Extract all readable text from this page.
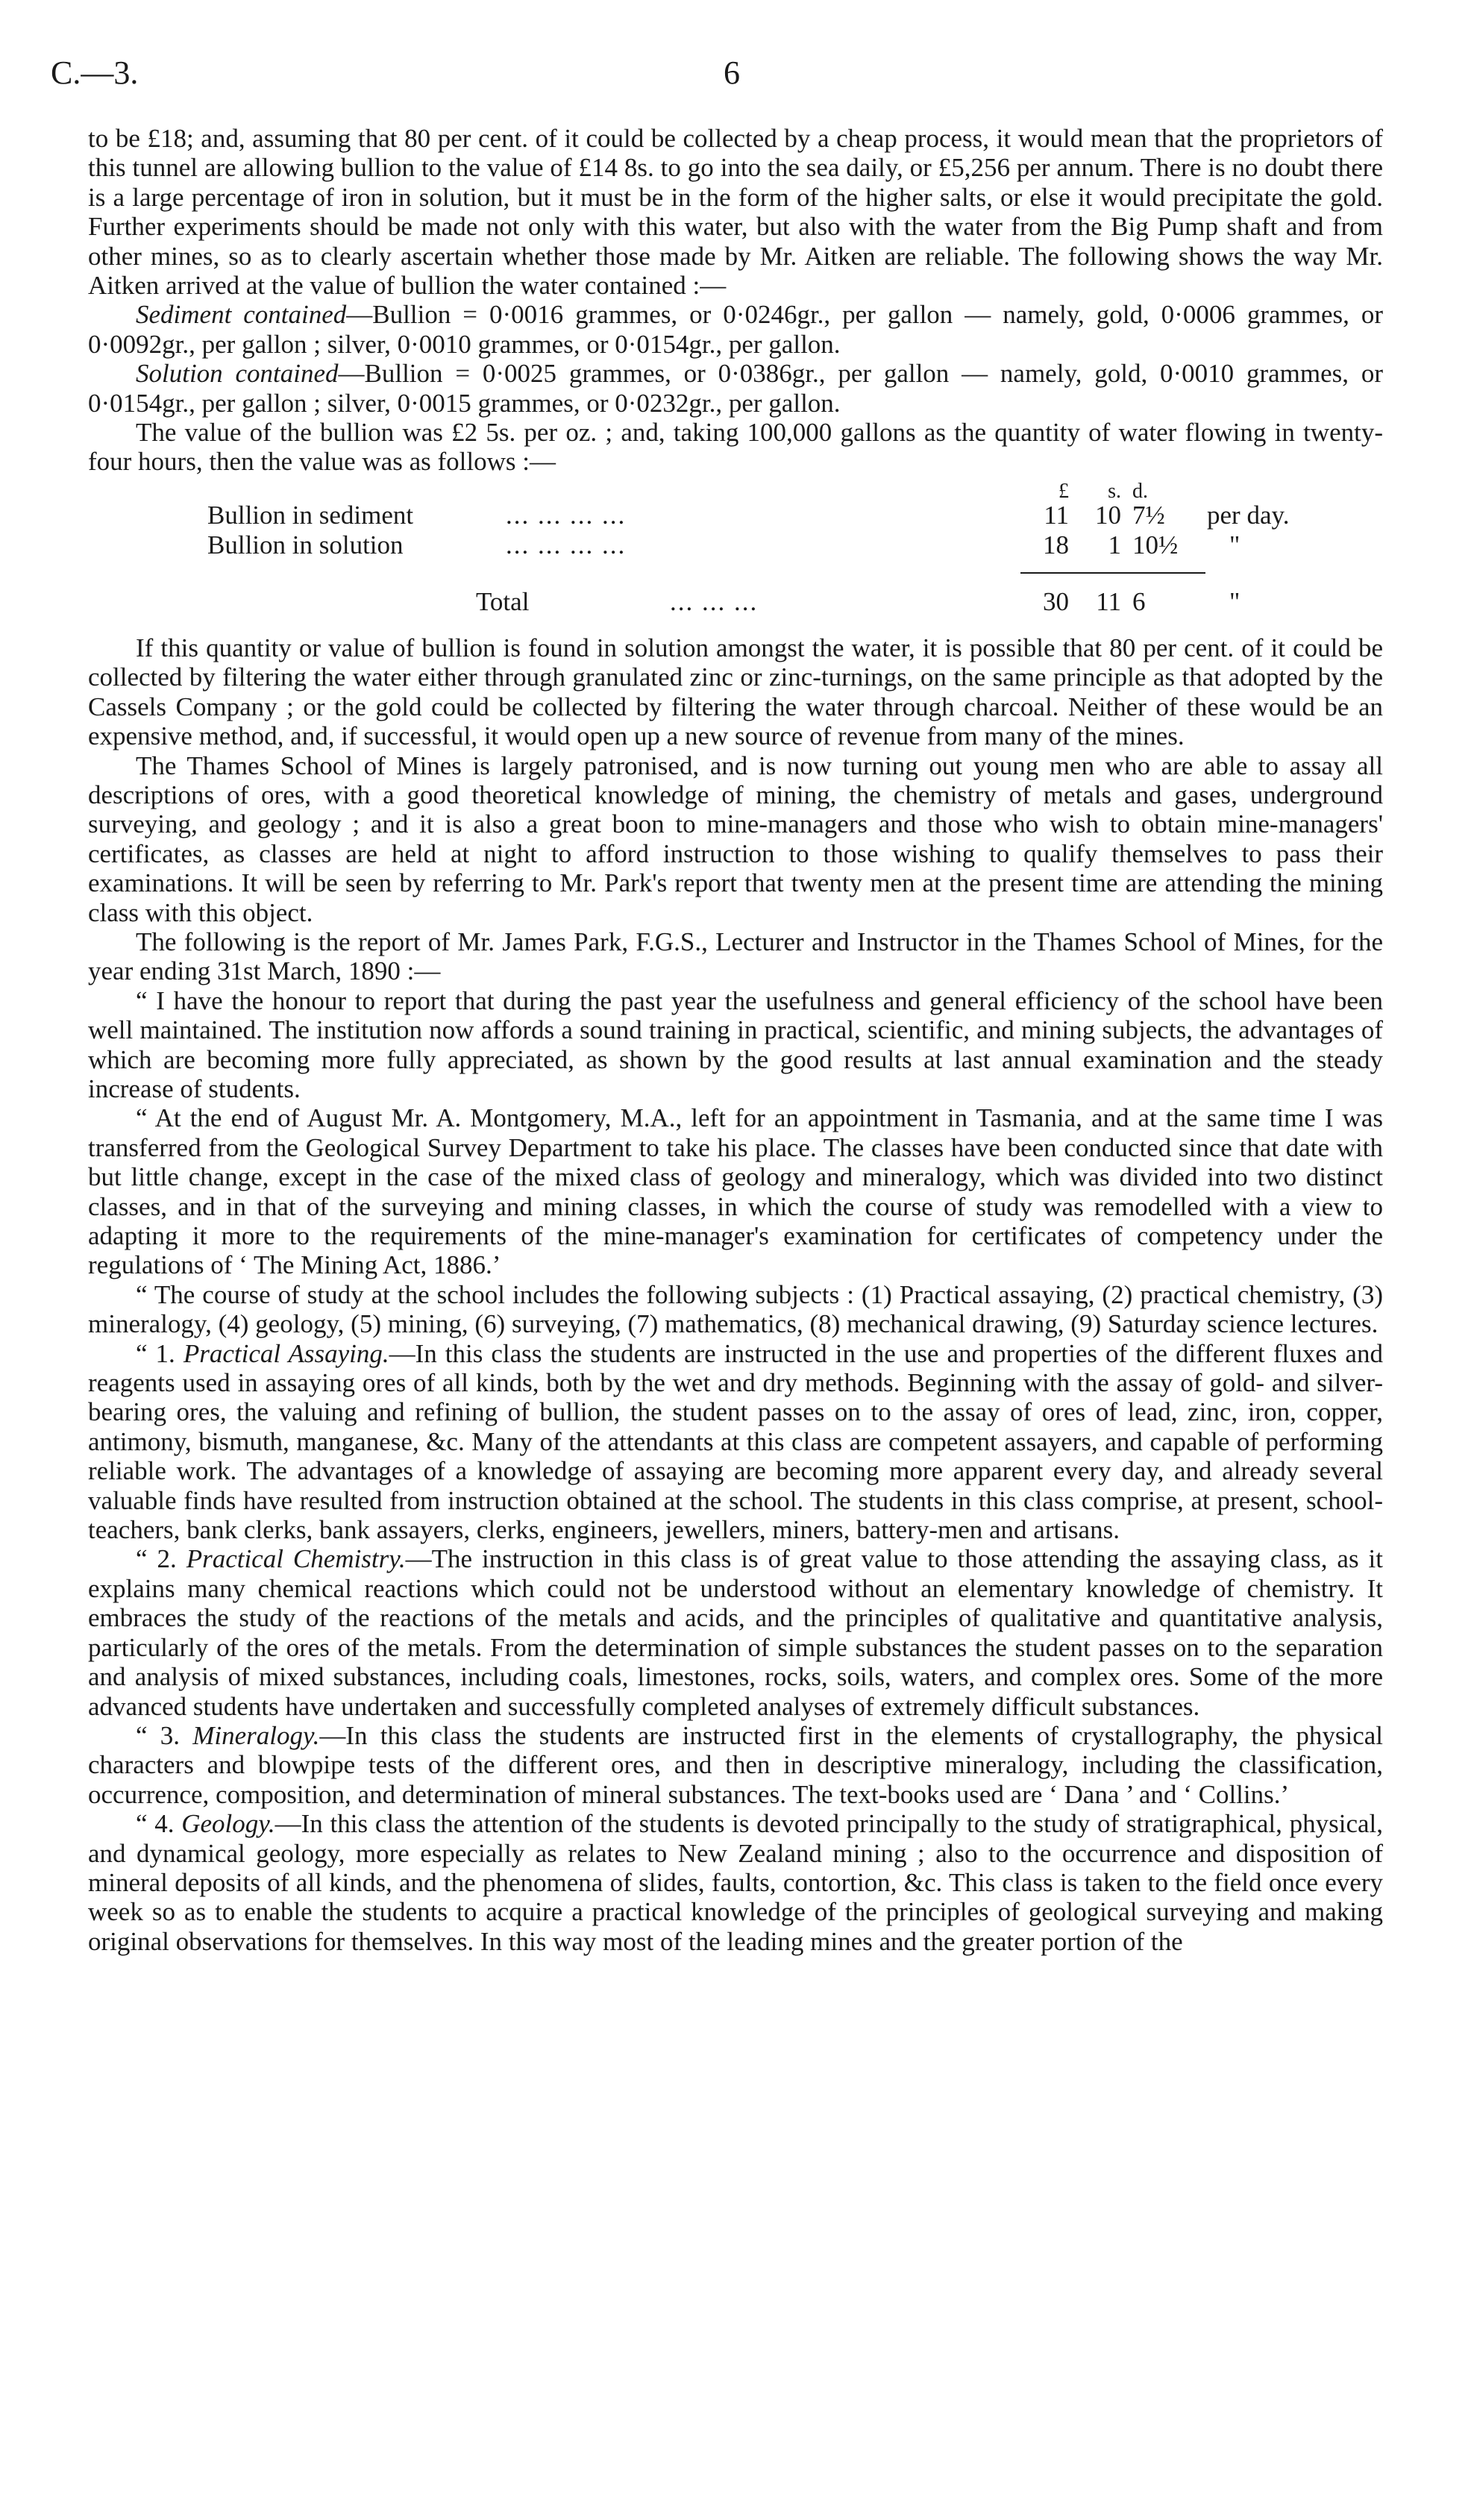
C.—3.	6

to be £18; and, assuming that 80 per cent. of it could be collected by a cheap process, it would mean that the proprietors of this tunnel are allowing bullion to the value of £14 8s. to go into the sea daily, or £5,256 per annum. There is no doubt there is a large percentage of iron in solution, but it must be in the form of the higher salts, or else it would precipitate the gold. Further experiments should be made not only with this water, but also with the water from the Big Pump shaft and from other mines, so as to clearly ascertain whether those made by Mr. Aitken are reliable. The following shows the way Mr. Aitken arrived at the value of bullion the water contained :—

Sediment contained—Bullion = 0·0016 grammes, or 0·0246gr., per gallon — namely, gold, 0·0006 grammes, or 0·0092gr., per gallon ; silver, 0·0010 grammes, or 0·0154gr., per gallon.

Solution contained—Bullion = 0·0025 grammes, or 0·0386gr., per gallon — namely, gold, 0·0010 grammes, or 0·0154gr., per gallon ; silver, 0·0015 grammes, or 0·0232gr., per gallon.

The value of the bullion was £2 5s. per oz. ; and, taking 100,000 gallons as the quantity of water flowing in twenty-four hours, then the value was as follows :—

£	s. d.
Bullion in sediment	... ... ... ...	11	10 7½	per day.
Bullion in solution	... ... ... ...	18	1 10½ "
Total	... ... ...	30	11 6	"

If this quantity or value of bullion is found in solution amongst the water, it is possible that 80 per cent. of it could be collected by filtering the water either through granulated zinc or zinc-turnings, on the same principle as that adopted by the Cassels Company ; or the gold could be collected by filtering the water through charcoal. Neither of these would be an expensive method, and, if successful, it would open up a new source of revenue from many of the mines.

The Thames School of Mines is largely patronised, and is now turning out young men who are able to assay all descriptions of ores, with a good theoretical knowledge of mining, the chemistry of metals and gases, underground surveying, and geology ; and it is also a great boon to mine-managers and those who wish to obtain mine-managers' certificates, as classes are held at night to afford instruction to those wishing to qualify themselves to pass their examinations. It will be seen by referring to Mr. Park's report that twenty men at the present time are attending the mining class with this object.

The following is the report of Mr. James Park, F.G.S., Lecturer and Instructor in the Thames School of Mines, for the year ending 31st March, 1890 :—

“ I have the honour to report that during the past year the usefulness and general efficiency of the school have been well maintained. The institution now affords a sound training in practical, scientific, and mining subjects, the advantages of which are becoming more fully appreciated, as shown by the good results at last annual examination and the steady increase of students.

“ At the end of August Mr. A. Montgomery, M.A., left for an appointment in Tasmania, and at the same time I was transferred from the Geological Survey Department to take his place. The classes have been conducted since that date with but little change, except in the case of the mixed class of geology and mineralogy, which was divided into two distinct classes, and in that of the surveying and mining classes, in which the course of study was remodelled with a view to adapting it more to the requirements of the mine-manager's examination for certificates of competency under the regulations of ‘ The Mining Act, 1886.’

“ The course of study at the school includes the following subjects : (1) Practical assaying, (2) practical chemistry, (3) mineralogy, (4) geology, (5) mining, (6) surveying, (7) mathematics, (8) mechanical drawing, (9) Saturday science lectures.

“ 1. Practical Assaying.—In this class the students are instructed in the use and properties of the different fluxes and reagents used in assaying ores of all kinds, both by the wet and dry methods. Beginning with the assay of gold- and silver-bearing ores, the valuing and refining of bullion, the student passes on to the assay of ores of lead, zinc, iron, copper, antimony, bismuth, manganese, &c. Many of the attendants at this class are competent assayers, and capable of performing reliable work. The advantages of a knowledge of assaying are becoming more apparent every day, and already several valuable finds have resulted from instruction obtained at the school. The students in this class comprise, at present, school-teachers, bank clerks, bank assayers, clerks, engineers, jewellers, miners, battery-men and artisans.

“ 2. Practical Chemistry.—The instruction in this class is of great value to those attending the assaying class, as it explains many chemical reactions which could not be understood without an elementary knowledge of chemistry. It embraces the study of the reactions of the metals and acids, and the principles of qualitative and quantitative analysis, particularly of the ores of the metals. From the determination of simple substances the student passes on to the separation and analysis of mixed substances, including coals, limestones, rocks, soils, waters, and complex ores. Some of the more advanced students have undertaken and successfully completed analyses of extremely difficult substances.

“ 3. Mineralogy.—In this class the students are instructed first in the elements of crystallography, the physical characters and blowpipe tests of the different ores, and then in descriptive mineralogy, including the classification, occurrence, composition, and determination of mineral substances. The text-books used are ‘ Dana ’ and ‘ Collins.’

“ 4. Geology.—In this class the attention of the students is devoted principally to the study of stratigraphical, physical, and dynamical geology, more especially as relates to New Zealand mining ; also to the occurrence and disposition of mineral deposits of all kinds, and the phenomena of slides, faults, contortion, &c. This class is taken to the field once every week so as to enable the students to acquire a practical knowledge of the principles of geological surveying and making original observations for themselves. In this way most of the leading mines and the greater portion of the
